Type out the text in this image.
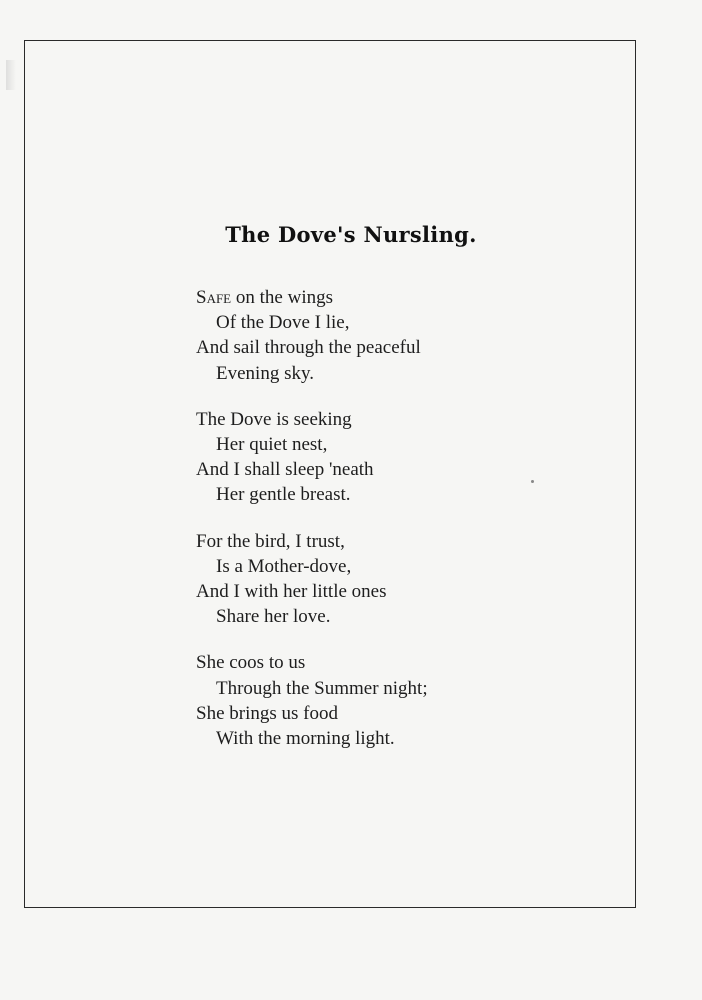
The Dove's Nursling.
Safe on the wings
Of the Dove I lie,
And sail through the peaceful
Evening sky.
The Dove is seeking
Her quiet nest,
And I shall sleep 'neath
Her gentle breast.
For the bird, I trust,
Is a Mother-dove,
And I with her little ones
Share her love.
She coos to us
Through the Summer night;
She brings us food
With the morning light.
